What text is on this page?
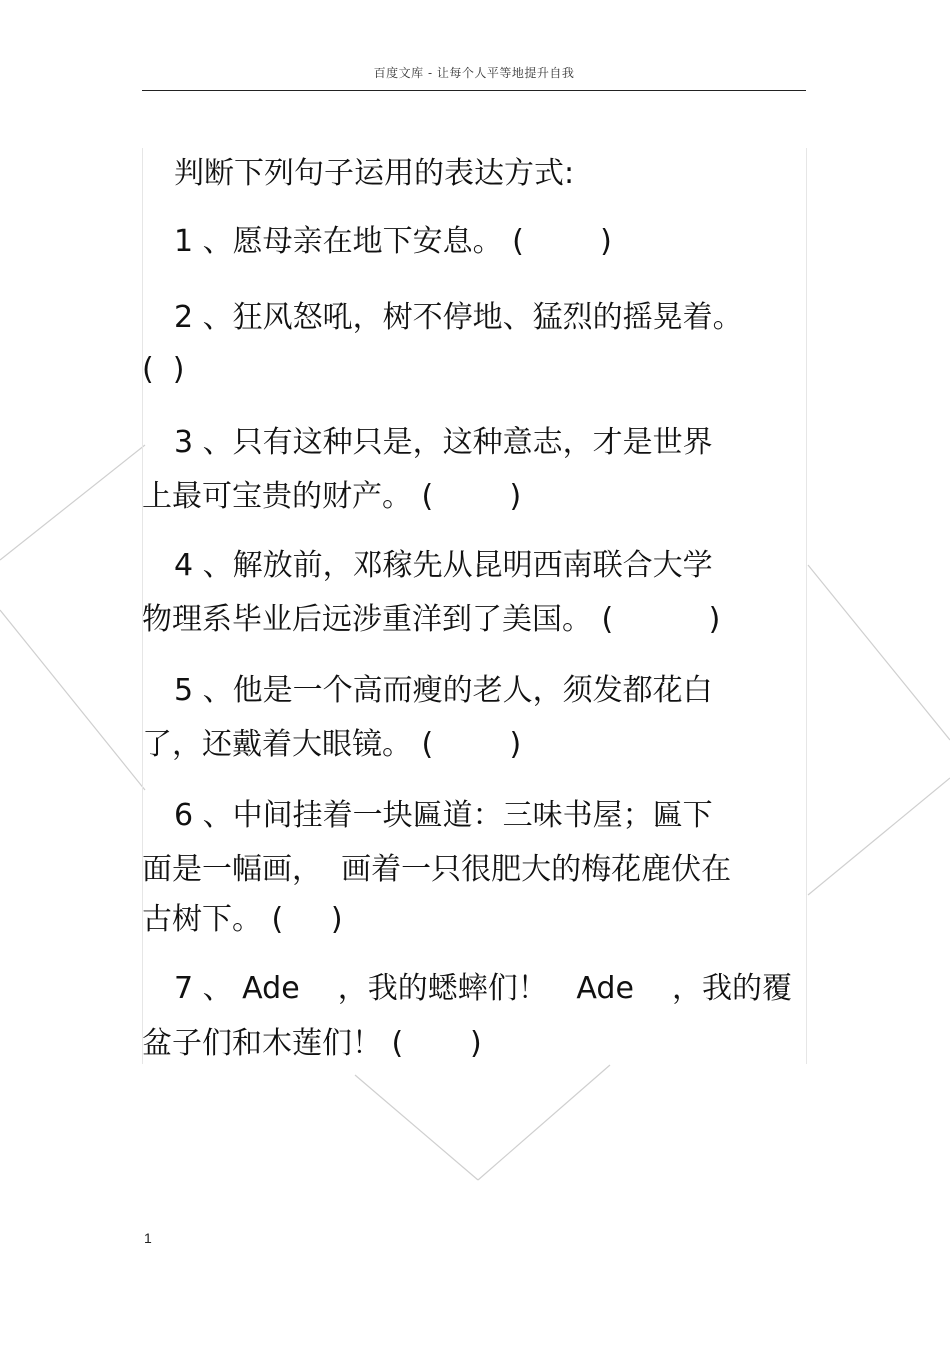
百度文库 - 让每个人平等地提升自我
判断下列句子运用的表达方式:
1 、愿母亲在地下安息。 (        )
2 、狂风怒吼，树不停地、猛烈的摇晃着。
(  )
3 、只有这种只是，这种意志，才是世界
上最可宝贵的财产。 (        )
4 、解放前，邓稼先从昆明西南联合大学
物理系毕业后远涉重洋到了美国。 (          )
5 、他是一个高而瘦的老人，须发都花白
了，还戴着大眼镜。 (        )
6 、中间挂着一块匾道：三味书屋；匾下
面是一幅画，  画着一只很肥大的梅花鹿伏在
古树下。 (     )
7 、 Ade    ，我的蟋蟀们！   Ade    ，我的覆
盆子们和木莲们！ (       )
1
